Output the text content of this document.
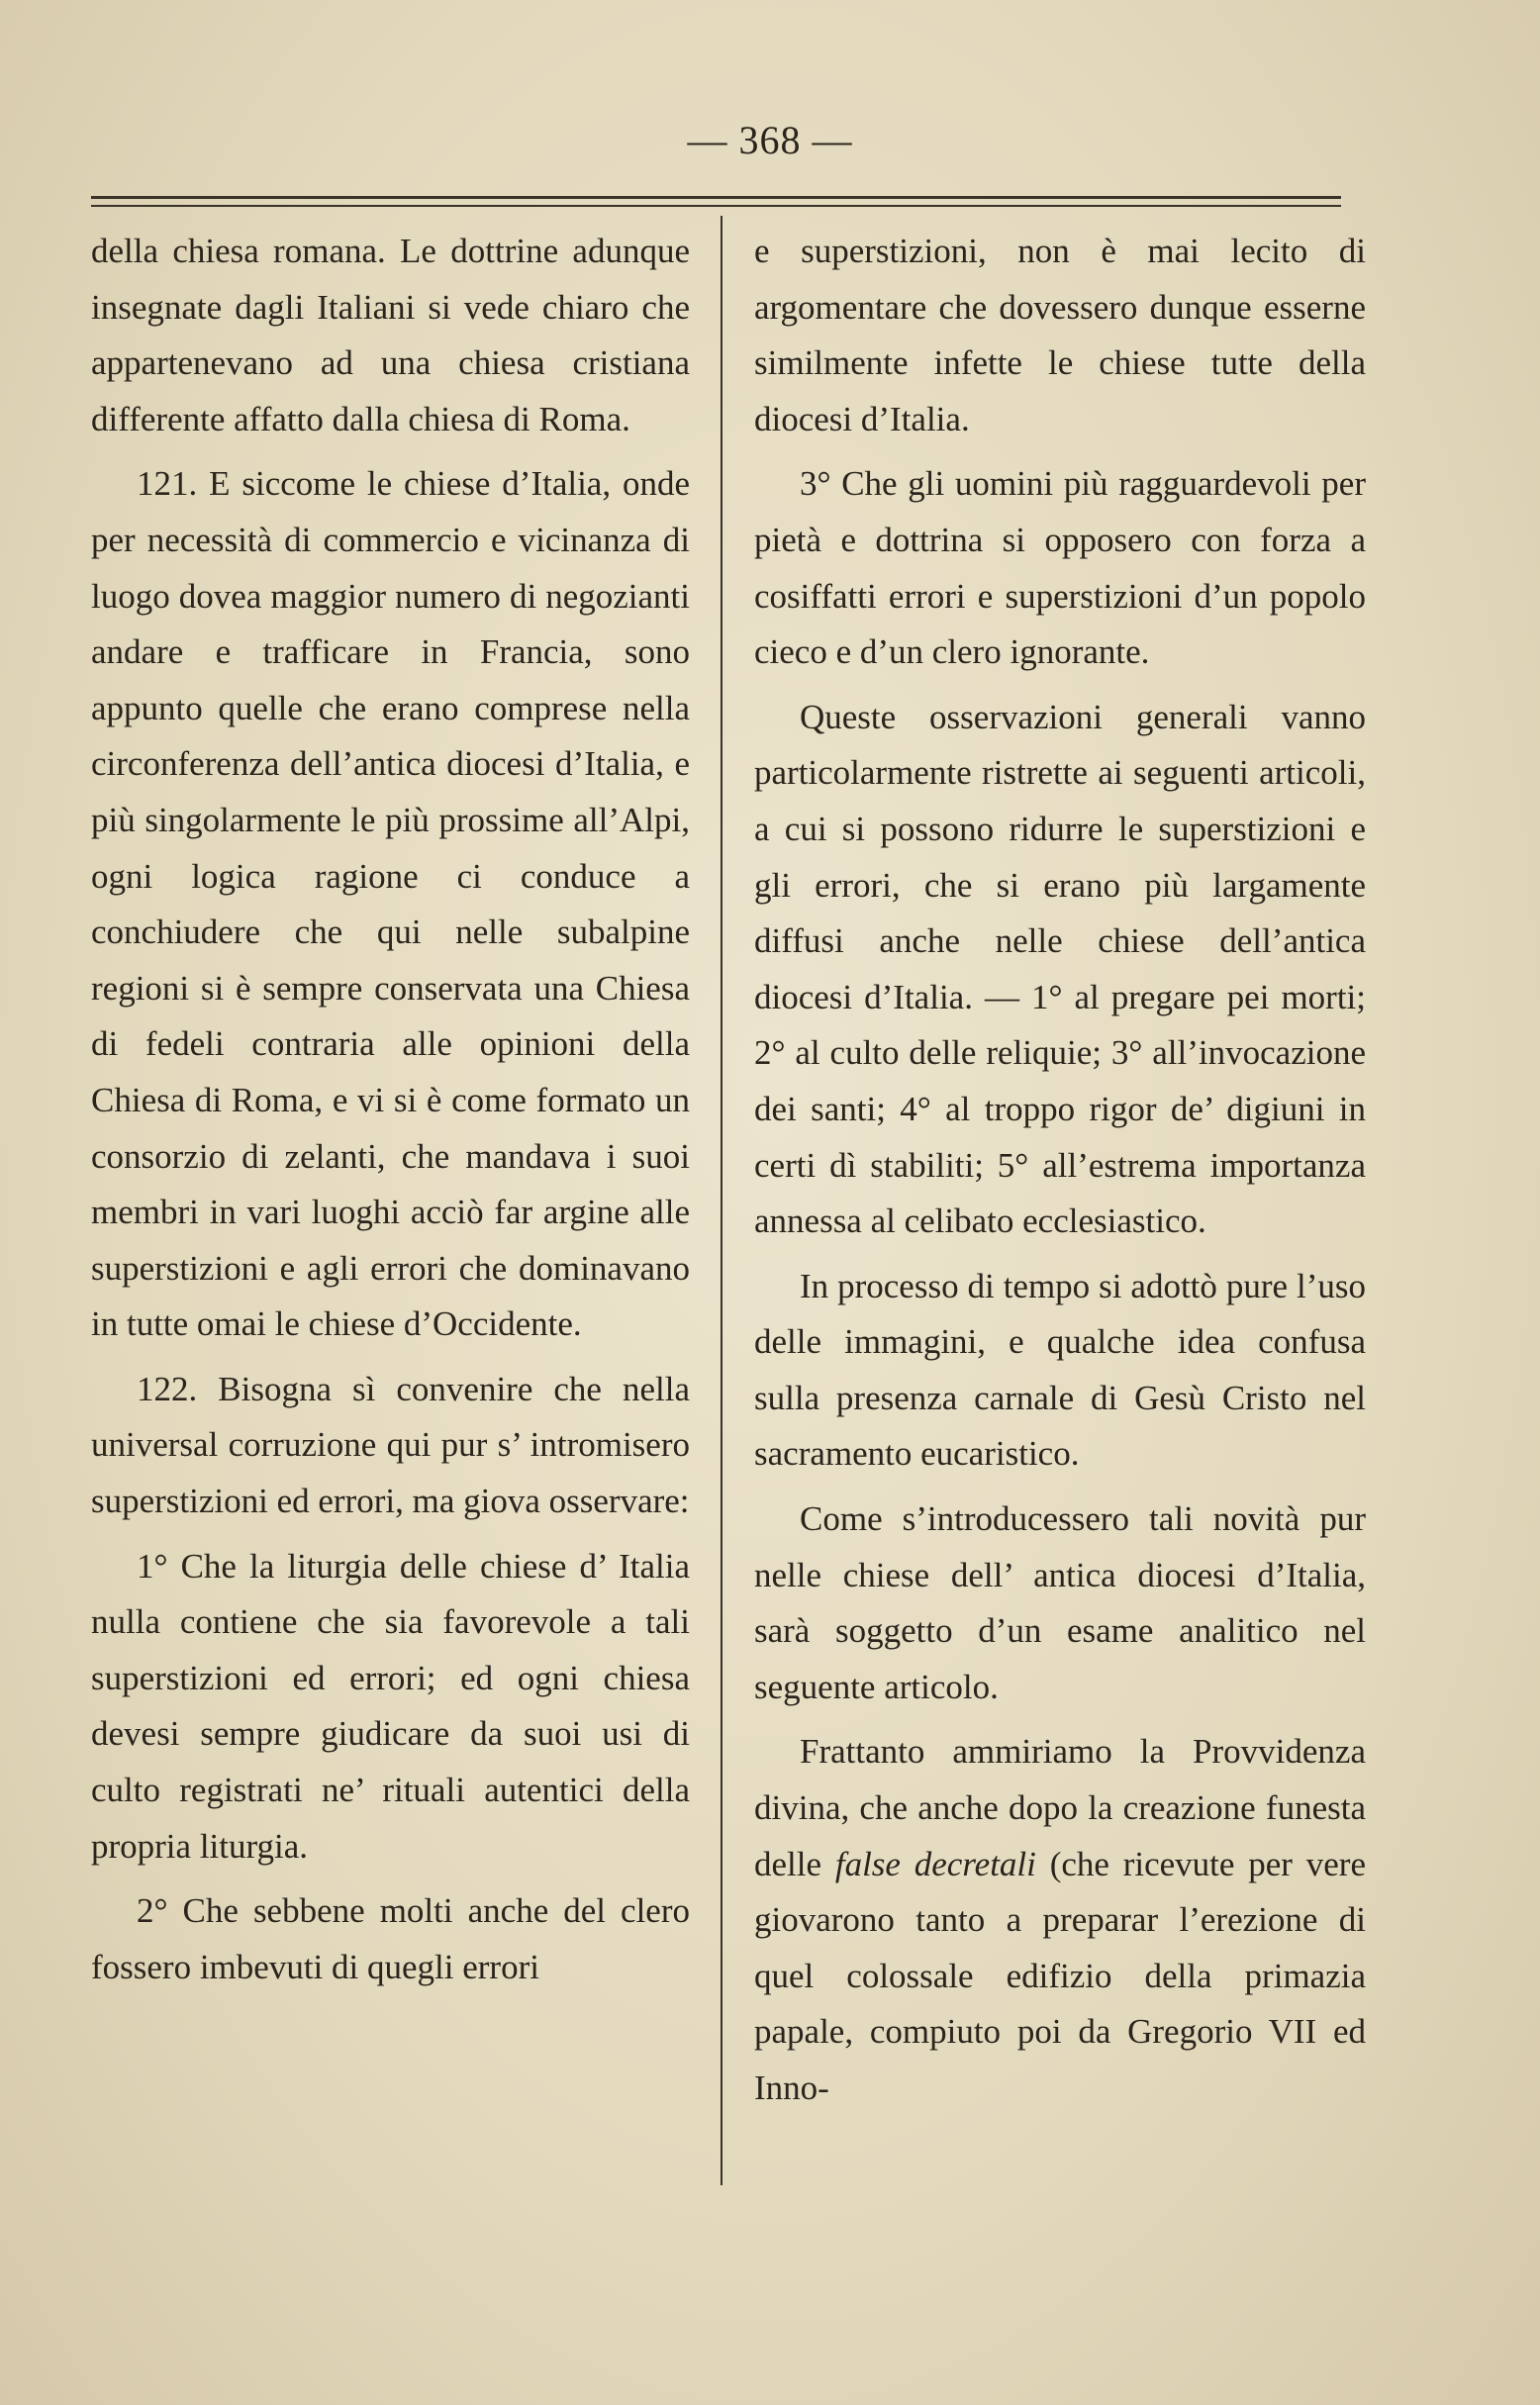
— 368 —

della chiesa romana. Le dottrine adunque insegnate dagli Italiani si vede chiaro che appartenevano ad una chiesa cristiana differente affatto dalla chiesa di Roma.

121. E siccome le chiese d’Italia, onde per necessità di commercio e vicinanza di luogo dovea maggior numero di negozianti andare e trafficare in Francia, sono appunto quelle che erano comprese nella circonferenza dell’antica diocesi d’Italia, e più singolarmente le più prossime all’Alpi, ogni logica ragione ci conduce a conchiudere che qui nelle subalpine regioni si è sempre conservata una Chiesa di fedeli contraria alle opinioni della Chiesa di Roma, e vi si è come formato un consorzio di zelanti, che mandava i suoi membri in vari luoghi acciò far argine alle superstizioni e agli errori che dominavano in tutte omai le chiese d’Occidente.

122. Bisogna sì convenire che nella universal corruzione qui pur s’ intromisero superstizioni ed errori, ma giova osservare:

1° Che la liturgia delle chiese d’ Italia nulla contiene che sia favorevole a tali superstizioni ed errori; ed ogni chiesa devesi sempre giudicare da suoi usi di culto registrati ne’ rituali autentici della propria liturgia.

2° Che sebbene molti anche del clero fossero imbevuti di quegli errori

e superstizioni, non è mai lecito di argomentare che dovessero dunque esserne similmente infette le chiese tutte della diocesi d’Italia.

3° Che gli uomini più ragguardevoli per pietà e dottrina si opposero con forza a cosiffatti errori e superstizioni d’un popolo cieco e d’un clero ignorante.

Queste osservazioni generali vanno particolarmente ristrette ai seguenti articoli, a cui si possono ridurre le superstizioni e gli errori, che si erano più largamente diffusi anche nelle chiese dell’antica diocesi d’Italia. — 1° al pregare pei morti; 2° al culto delle reliquie; 3° all’invocazione dei santi; 4° al troppo rigor de’ digiuni in certi dì stabiliti; 5° all’estrema importanza annessa al celibato ecclesiastico.

In processo di tempo si adottò pure l’uso delle immagini, e qualche idea confusa sulla presenza carnale di Gesù Cristo nel sacramento eucaristico.

Come s’introducessero tali novità pur nelle chiese dell’ antica diocesi d’Italia, sarà soggetto d’un esame analitico nel seguente articolo.

Frattanto ammiriamo la Provvidenza divina, che anche dopo la creazione funesta delle false decretali (che ricevute per vere giovarono tanto a preparar l’erezione di quel colossale edifizio della primazia papale, compiuto poi da Gregorio VII ed Inno-
